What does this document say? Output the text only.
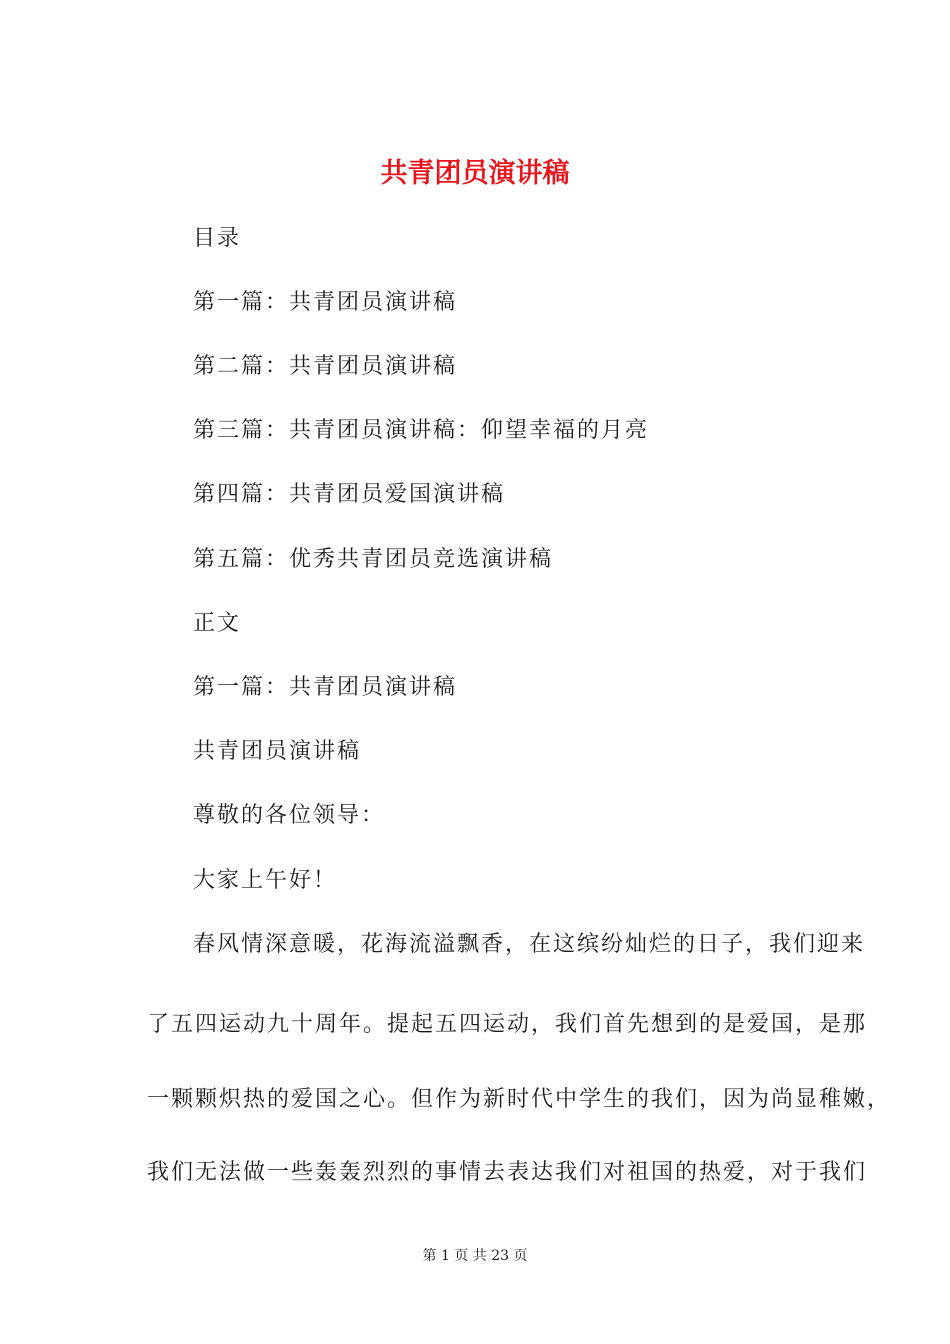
共青团员演讲稿
目录
第一篇：共青团员演讲稿
第二篇：共青团员演讲稿
第三篇：共青团员演讲稿：仰望幸福的月亮
第四篇：共青团员爱国演讲稿
第五篇：优秀共青团员竞选演讲稿
正文
第一篇：共青团员演讲稿
共青团员演讲稿
尊敬的各位领导：
大家上午好！
春风情深意暖，花海流溢飘香，在这缤纷灿烂的日子，我们迎来
了五四运动九十周年。提起五四运动，我们首先想到的是爱国，是那
一颗颗炽热的爱国之心。但作为新时代中学生的我们，因为尚显稚嫩，
我们无法做一些轰轰烈烈的事情去表达我们对祖国的热爱，对于我们
第 1 页 共 23 页
